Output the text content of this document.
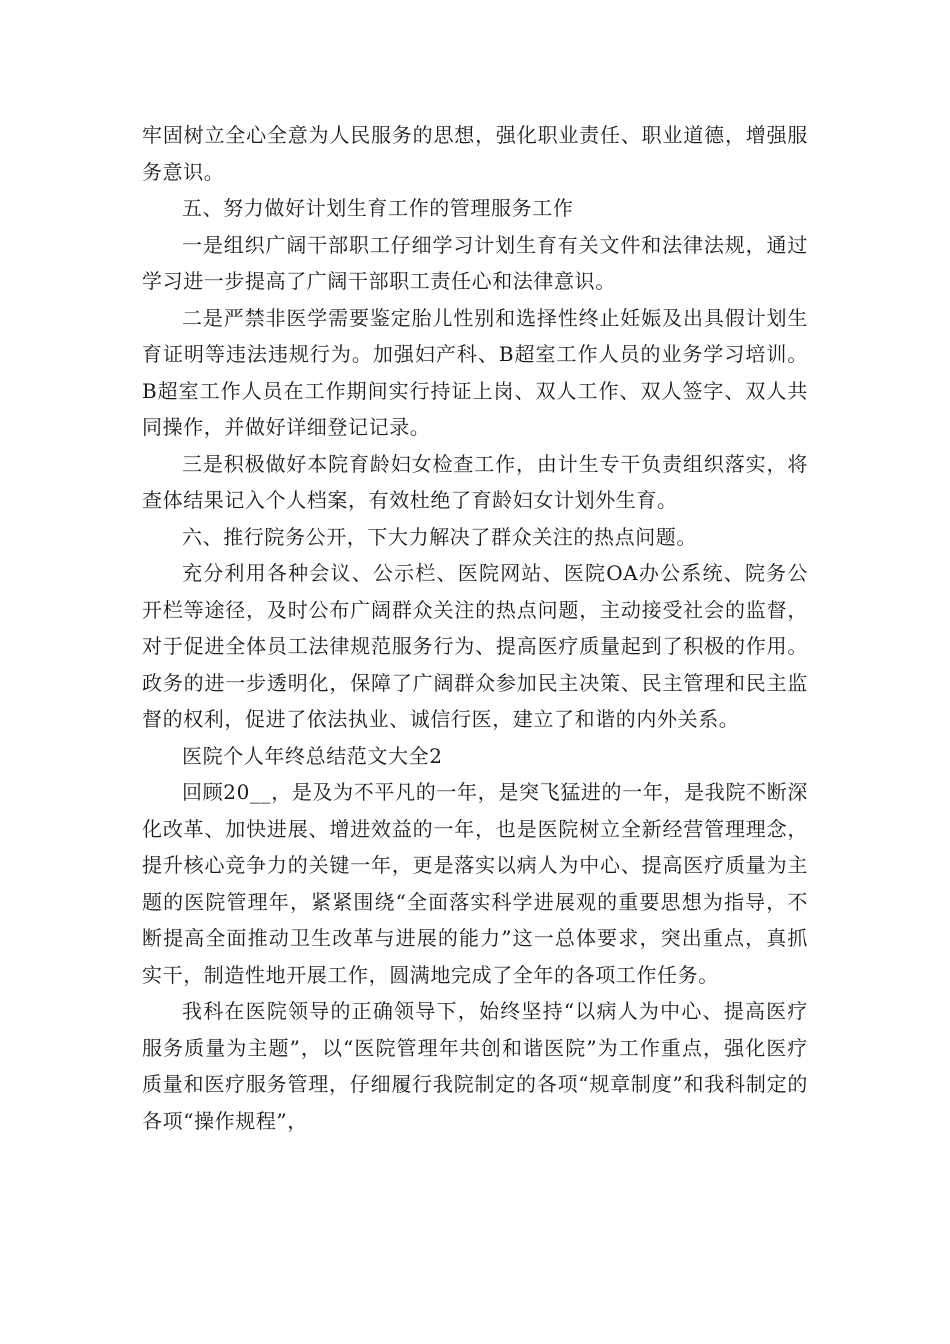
牢固树立全心全意为人民服务的思想，强化职业责任、职业道德，增强服务意识。

五、努力做好计划生育工作的管理服务工作

一是组织广阔干部职工仔细学习计划生育有关文件和法律法规，通过学习进一步提高了广阔干部职工责任心和法律意识。

二是严禁非医学需要鉴定胎儿性别和选择性终止妊娠及出具假计划生育证明等违法违规行为。加强妇产科、B超室工作人员的业务学习培训。B超室工作人员在工作期间实行持证上岗、双人工作、双人签字、双人共同操作，并做好详细登记记录。

三是积极做好本院育龄妇女检查工作，由计生专干负责组织落实，将查体结果记入个人档案，有效杜绝了育龄妇女计划外生育。

六、推行院务公开，下大力解决了群众关注的热点问题。

充分利用各种会议、公示栏、医院网站、医院OA办公系统、院务公开栏等途径，及时公布广阔群众关注的热点问题，主动接受社会的监督，对于促进全体员工法律规范服务行为、提高医疗质量起到了积极的作用。政务的进一步透明化，保障了广阔群众参加民主决策、民主管理和民主监督的权利，促进了依法执业、诚信行医，建立了和谐的内外关系。

医院个人年终总结范文大全2

回顾20__，是及为不平凡的一年，是突飞猛进的一年，是我院不断深化改革、加快进展、增进效益的一年，也是医院树立全新经营管理理念，提升核心竞争力的关键一年，更是落实以病人为中心、提高医疗质量为主题的医院管理年，紧紧围绕“全面落实科学进展观的重要思想为指导，不断提高全面推动卫生改革与进展的能力”这一总体要求，突出重点，真抓实干，制造性地开展工作，圆满地完成了全年的各项工作任务。

我科在医院领导的正确领导下，始终坚持“以病人为中心、提高医疗服务质量为主题”，以“医院管理年共创和谐医院”为工作重点，强化医疗质量和医疗服务管理，仔细履行我院制定的各项“规章制度”和我科制定的各项“操作规程”，
